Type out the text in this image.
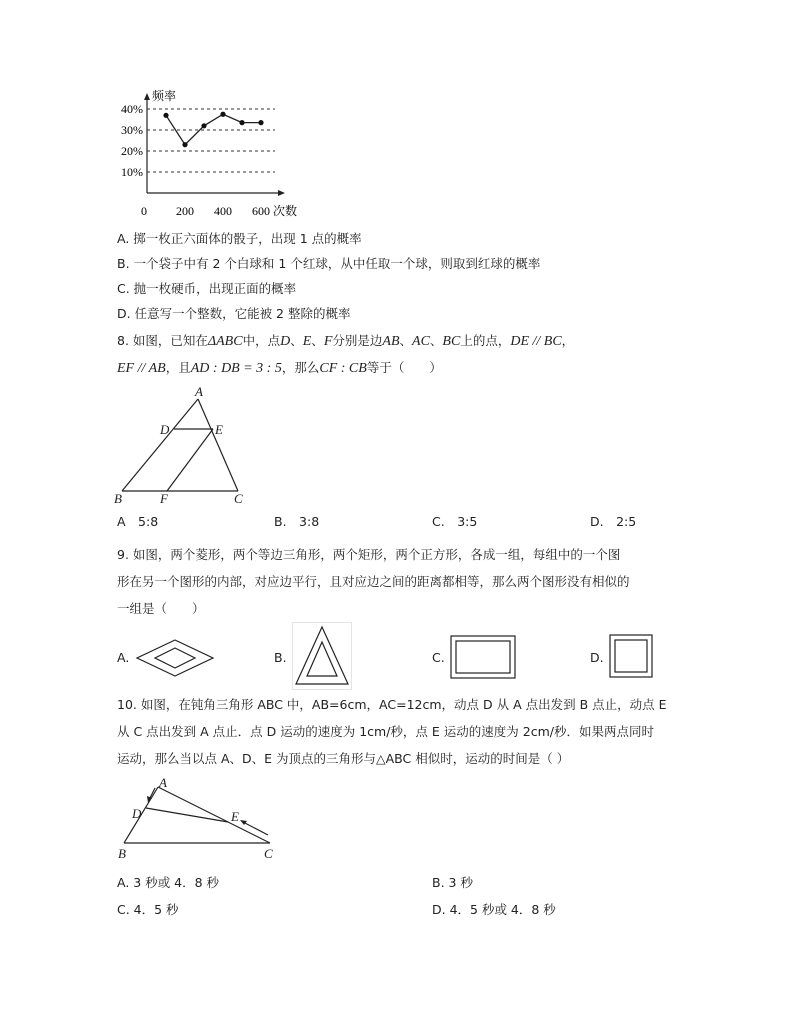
40%
30%
20%
10%
0 200 400 600
频率
次数
A. 掷一枚正六面体的骰子，出现 1 点的概率
B. 一个袋子中有 2 个白球和 1 个红球，从中任取一个球，则取到红球的概率
C. 抛一枚硬币，出现正面的概率
D. 任意写一个整数，它能被 2 整除的概率
8. 如图，已知在ΔABC中，点D、E、F分别是边AB、AC、BC上的点，DE // BC，
EF // AB，且AD : DB = 3 : 5，那么CF : CB等于（　　）
A
D	E
B	F	C
A　5:8	B.　3:8	C.　3:5	D.　2:5
9. 如图，两个菱形，两个等边三角形，两个矩形，两个正方形，各成一组，每组中的一个图
形在另一个图形的内部，对应边平行，且对应边之间的距离都相等，那么两个图形没有相似的
一组是（　　）
A.	B.	C.	D.
10. 如图，在钝角三角形 ABC 中，AB=6cm，AC=12cm，动点 D 从 A 点出发到 B 点止，动点 E
从 C 点出发到 A 点止．点 D 运动的速度为 1cm/秒，点 E 运动的速度为 2cm/秒．如果两点同时
运动，那么当以点 A、D、E 为顶点的三角形与△ABC 相似时，运动的时间是（ ）
A
D	E
B	C
A. 3 秒或 4．8 秒	B. 3 秒
C. 4．5 秒	D. 4．5 秒或 4．8 秒
